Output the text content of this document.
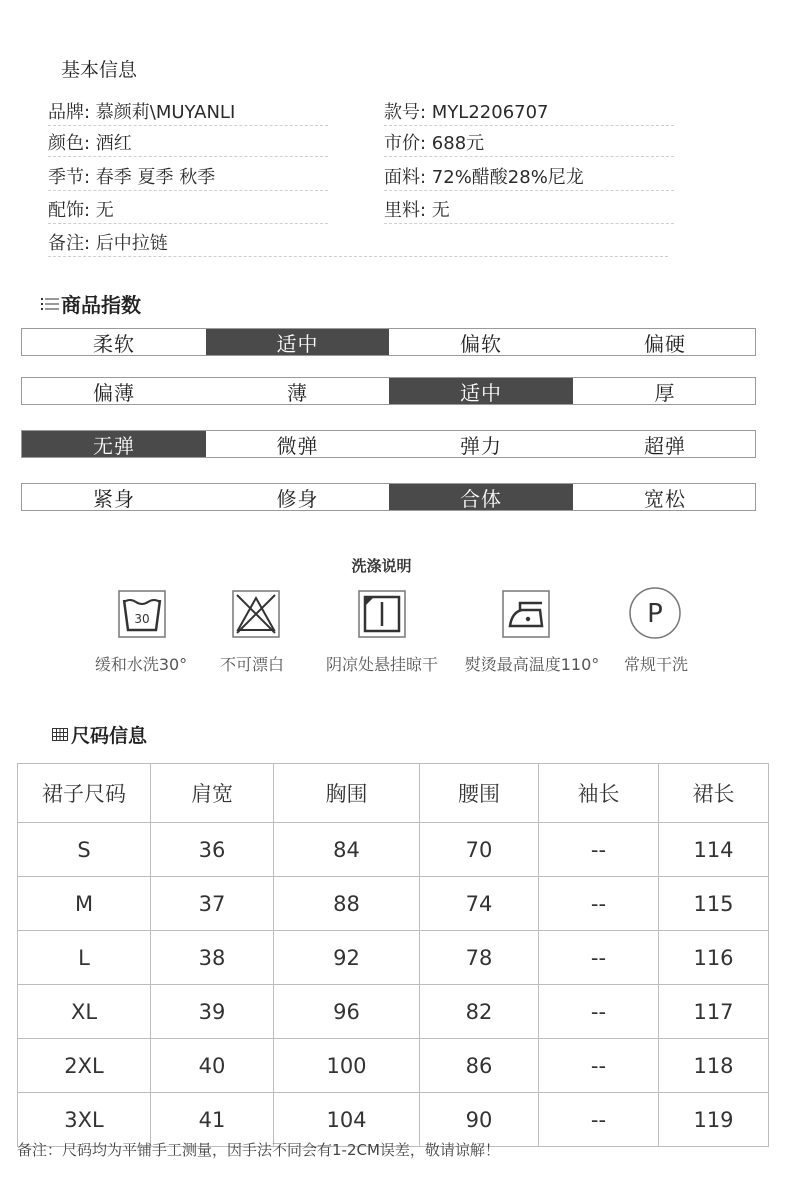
基本信息
品牌: 慕颜莉\MUYANLI	款号: MYL2206707
颜色: 酒红	市价: 688元
季节: 春季 夏季 秋季	面料: 72%醋酸28%尼龙
配饰: 无	里料: 无
备注: 后中拉链
商品指数
柔软	适中	偏软	偏硬
偏薄	薄	适中	厚
无弹	微弹	弹力	超弹
紧身	修身	合体	宽松
洗涤说明
30	P
缓和水洗30° 不可漂白	阴凉处悬挂晾干 熨烫最高温度110° 常规干洗
尺码信息
裙子尺码	肩宽	胸围	腰围	袖长	裙长
S	36	84	70	--	114
M	37	88	74	--	115
L	38	92	78	--	116
XL	39	96	82	--	117
2XL	40	100	86	--	118
3XL	41	104	90	--	119
备注：尺码均为平铺手工测量，因手法不同会有1-2CM误差，敬请谅解！
